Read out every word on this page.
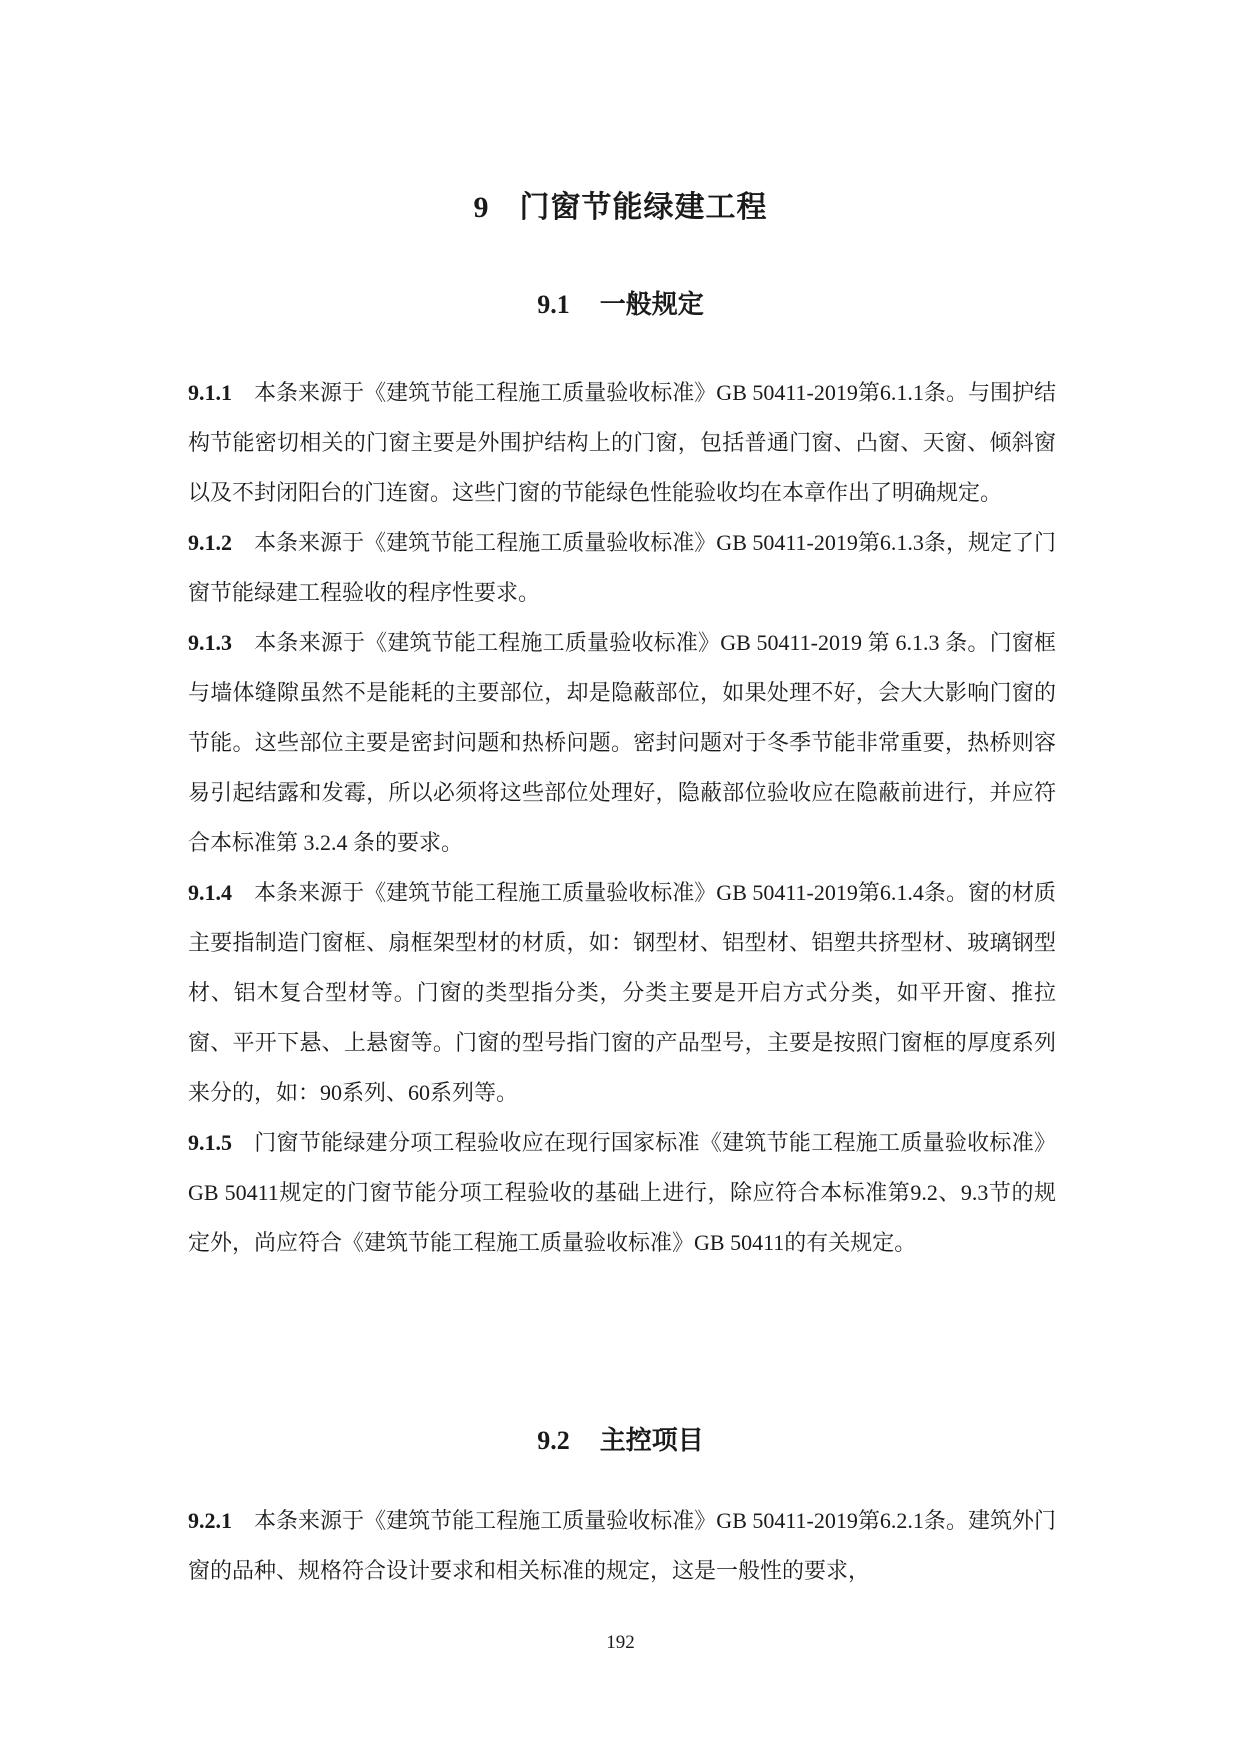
9 门窗节能绿建工程
9.1 一般规定

9.1.1 本条来源于《建筑节能工程施工质量验收标准》GB 50411-2019第6.1.1条。与围护结构节能密切相关的门窗主要是外围护结构上的门窗，包括普通门窗、凸窗、天窗、倾斜窗以及不封闭阳台的门连窗。这些门窗的节能绿色性能验收均在本章作出了明确规定。

9.1.2 本条来源于《建筑节能工程施工质量验收标准》GB 50411-2019第6.1.3条，规定了门窗节能绿建工程验收的程序性要求。

9.1.3 本条来源于《建筑节能工程施工质量验收标准》GB 50411-2019 第 6.1.3 条。门窗框与墙体缝隙虽然不是能耗的主要部位，却是隐蔽部位，如果处理不好，会大大影响门窗的节能。这些部位主要是密封问题和热桥问题。密封问题对于冬季节能非常重要，热桥则容易引起结露和发霉，所以必须将这些部位处理好，隐蔽部位验收应在隐蔽前进行，并应符合本标准第 3.2.4 条的要求。

9.1.4 本条来源于《建筑节能工程施工质量验收标准》GB 50411-2019第6.1.4条。窗的材质主要指制造门窗框、扇框架型材的材质，如：钢型材、铝型材、铝塑共挤型材、玻璃钢型材、铝木复合型材等。门窗的类型指分类，分类主要是开启方式分类，如平开窗、推拉窗、平开下悬、上悬窗等。门窗的型号指门窗的产品型号，主要是按照门窗框的厚度系列来分的，如：90系列、60系列等。

9.1.5 门窗节能绿建分项工程验收应在现行国家标准《建筑节能工程施工质量验收标准》GB 50411规定的门窗节能分项工程验收的基础上进行，除应符合本标准第9.2、9.3节的规定外，尚应符合《建筑节能工程施工质量验收标准》GB 50411的有关规定。

9.2 主控项目

9.2.1 本条来源于《建筑节能工程施工质量验收标准》GB 50411-2019第6.2.1条。建筑外门窗的品种、规格符合设计要求和相关标准的规定，这是一般性的要求，

192
